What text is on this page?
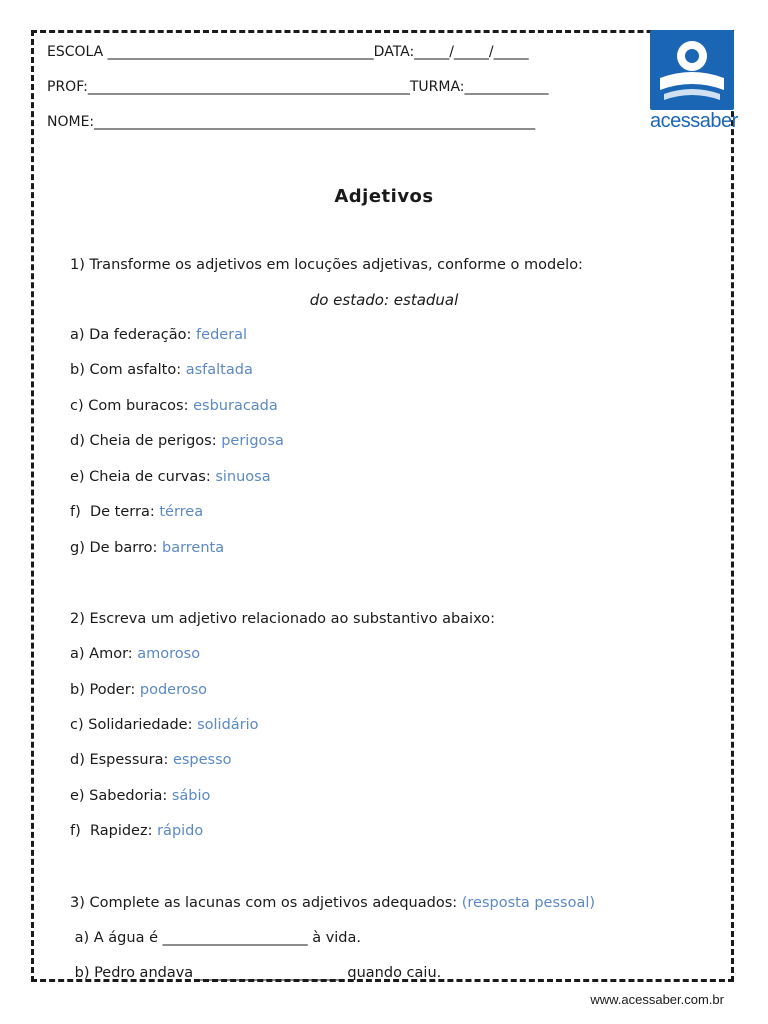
ESCOLA ______________________________________DATA:_____/_____/_____
PROF:______________________________________________TURMA:____________
NOME:_______________________________________________________________	acessaber
Adjetivos
1) Transforme os adjetivos em locuções adjetivas, conforme o modelo:
do estado: estadual
a) Da federação: federal
b) Com asfalto: asfaltada
c) Com buracos: esburacada
d) Cheia de perigos: perigosa
e) Cheia de curvas: sinuosa
f)  De terra: térrea
g) De barro: barrenta
2) Escreva um adjetivo relacionado ao substantivo abaixo:
a) Amor: amoroso
b) Poder: poderoso
c) Solidariedade: solidário
d) Espessura: espesso
e) Sabedoria: sábio
f)  Rapidez: rápido
3) Complete as lacunas com os adjetivos adequados: (resposta pessoal)
a) A água é ____________________ à vida.
b) Pedro andava ____________________ quando caiu.
www.acessaber.com.br
